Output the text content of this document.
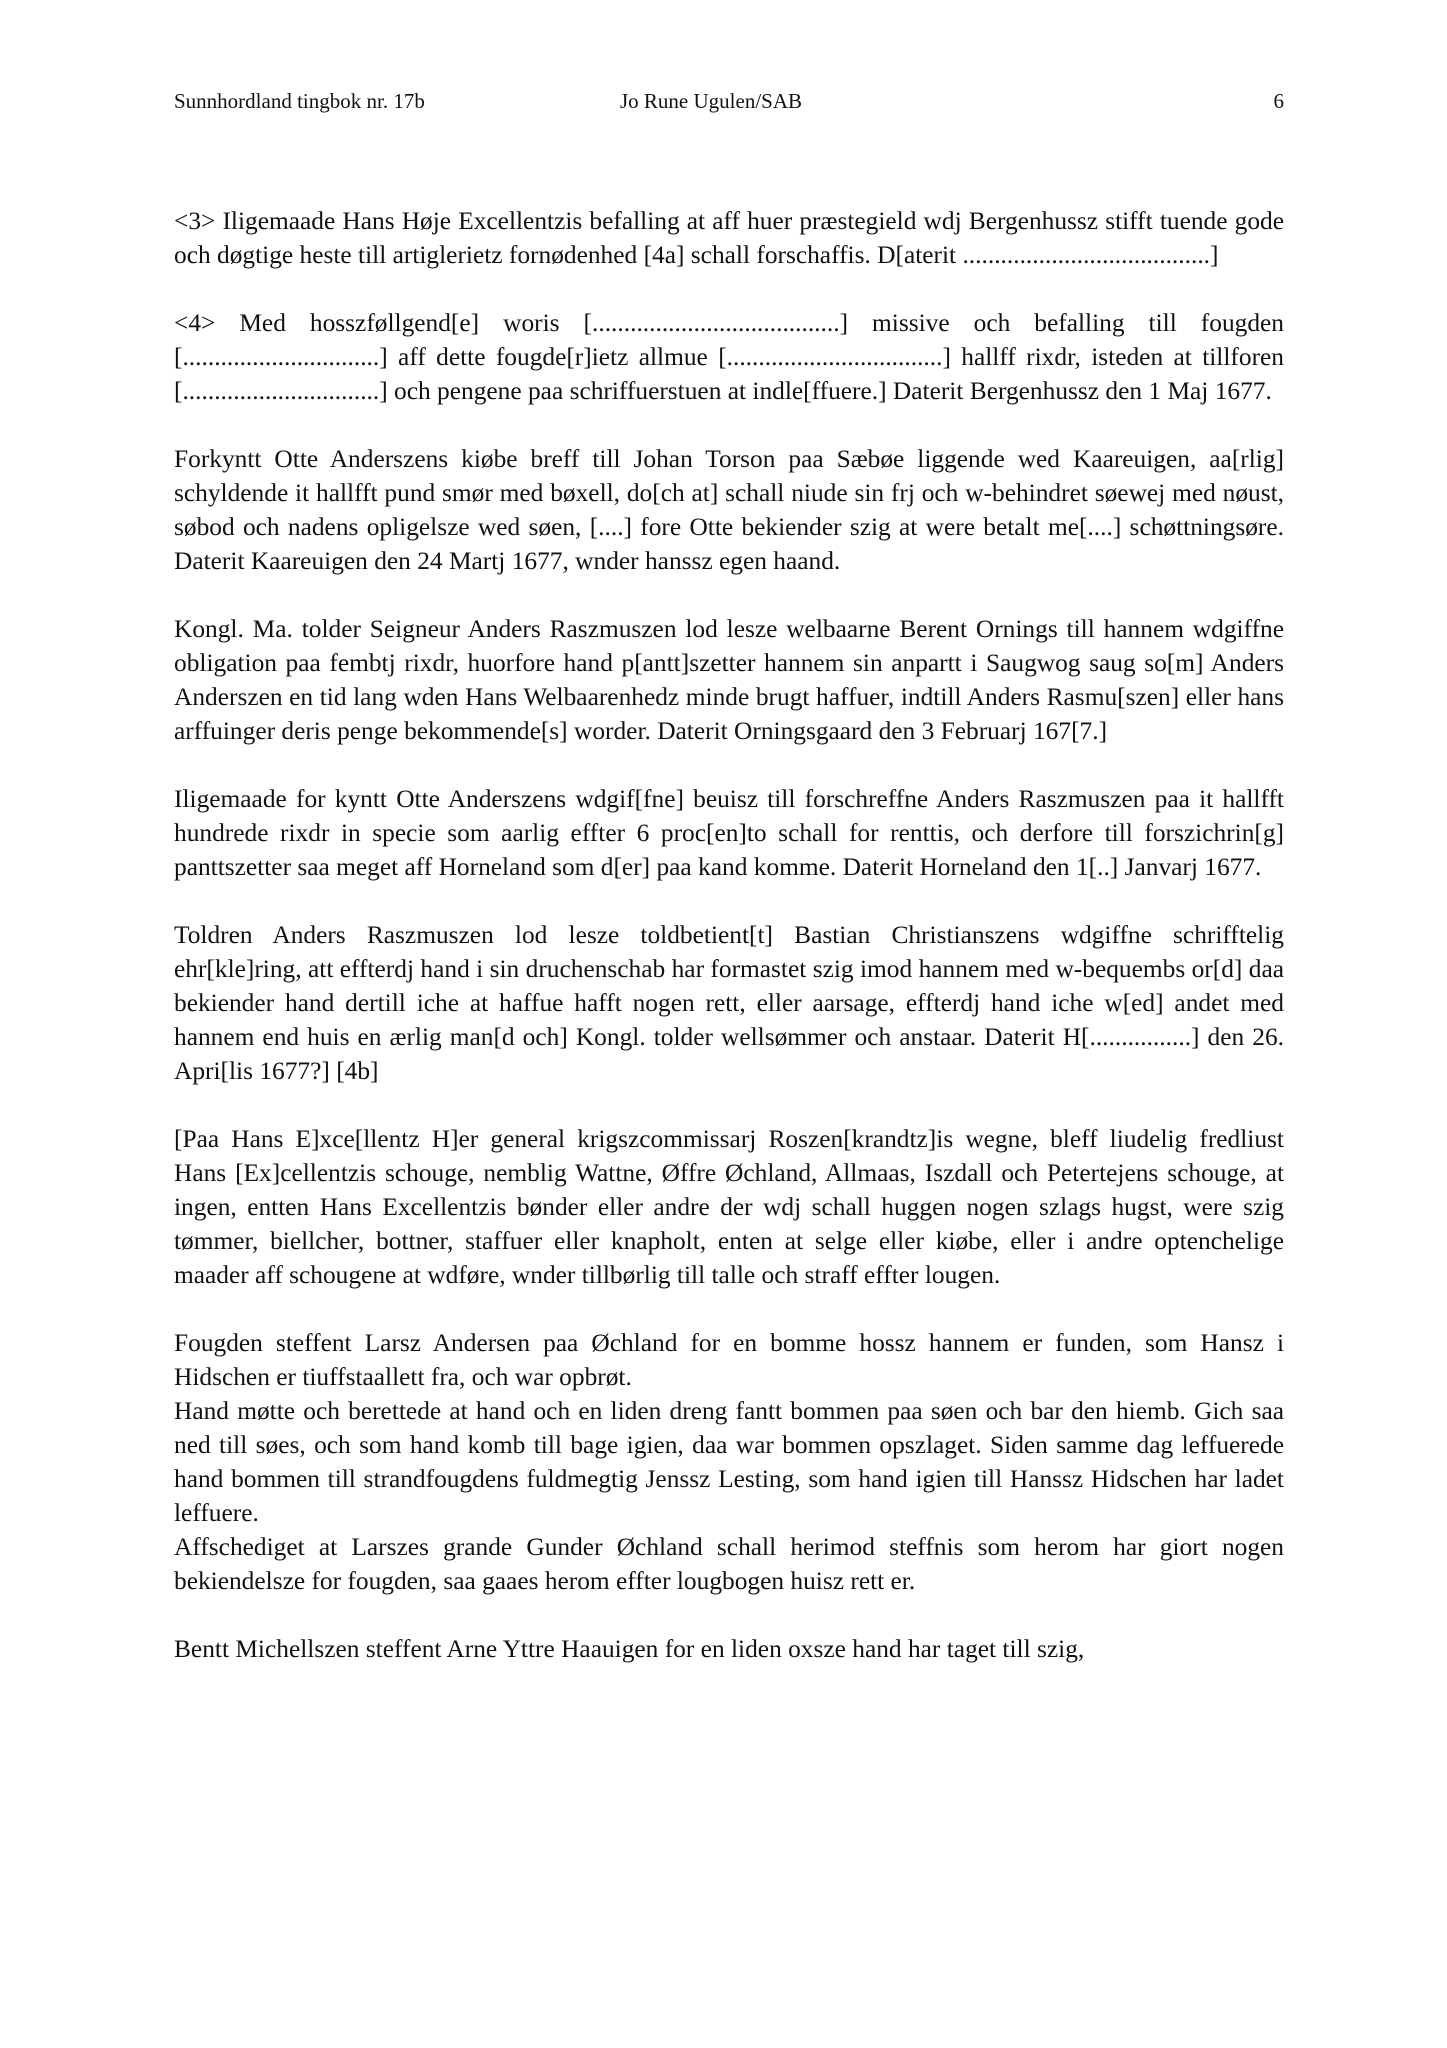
Sunnhordland tingbok nr. 17b	Jo Rune Ugulen/SAB	6

<3> Iligemaade Hans Høje Excellentzis befalling at aff huer præstegield wdj Bergenhussz stifft tuende gode och døgtige heste till artiglerietz fornødenhed [4a] schall forschaffis. D[aterit .......................................]

<4> Med hosszføllgend[e] woris [.......................................] missive och befalling till fougden [...............................] aff dette fougde[r]ietz allmue [..................................] hallff rixdr, isteden at tillforen [...............................] och pengene paa schriffuerstuen at indle[ffuere.] Daterit Bergenhussz den 1 Maj 1677.

Forkyntt Otte Anderszens kiøbe breff till Johan Torson paa Sæbøe liggende wed Kaareuigen, aa[rlig] schyldende it hallfft pund smør med bøxell, do[ch at] schall niude sin frj och w-behindret søewej med nøust, søbod och nadens opligelsze wed søen, [....] fore Otte bekiender szig at were betalt me[....] schøttningsøre. Daterit Kaareuigen den 24 Martj 1677, wnder hanssz egen haand.

Kongl. Ma. tolder Seigneur Anders Raszmuszen lod lesze welbaarne Berent Ornings till hannem wdgiffne obligation paa fembtj rixdr, huorfore hand p[antt]szetter hannem sin anpartt i Saugwog saug so[m] Anders Anderszen en tid lang wden Hans Welbaarenhedz minde brugt haffuer, indtill Anders Rasmu[szen] eller hans arffuinger deris penge bekommende[s] worder. Daterit Orningsgaard den 3 Februarj 167[7.]

Iligemaade for kyntt Otte Anderszens wdgif[fne] beuisz till forschreffne Anders Raszmuszen paa it hallfft hundrede rixdr in specie som aarlig effter 6 proc[en]to schall for renttis, och derfore till forszichrin[g] panttszetter saa meget aff Horneland som d[er] paa kand komme. Daterit Horneland den 1[..] Janvarj 1677.

Toldren Anders Raszmuszen lod lesze toldbetient[t] Bastian Christianszens wdgiffne schrifftelig ehr[kle]ring, att effterdj hand i sin druchenschab har formastet szig imod hannem med w-bequembs or[d] daa bekiender hand dertill iche at haffue hafft nogen rett, eller aarsage, effterdj hand iche w[ed] andet med hannem end huis en ærlig man[d och] Kongl. tolder wellsømmer och anstaar. Daterit H[................] den 26. Apri[lis 1677?] [4b]

[Paa Hans E]xce[llentz H]er general krigszcommissarj Roszen[krandtz]is wegne, bleff liudelig fredliust Hans [Ex]cellentzis schouge, nemblig Wattne, Øffre Øchland, Allmaas, Iszdall och Petertejens schouge, at ingen, entten Hans Excellentzis bønder eller andre der wdj schall huggen nogen szlags hugst, were szig tømmer, biellcher, bottner, staffuer eller knapholt, enten at selge eller kiøbe, eller i andre optenchelige maader aff schougene at wdføre, wnder tillbørlig till talle och straff effter lougen.

Fougden steffent Larsz Andersen paa Øchland for en bomme hossz hannem er funden, som Hansz i Hidschen er tiuffstaallett fra, och war opbrøt.
Hand møtte och berettede at hand och en liden dreng fantt bommen paa søen och bar den hiemb. Gich saa ned till søes, och som hand komb till bage igien, daa war bommen opszlaget. Siden samme dag leffuerede hand bommen till strandfougdens fuldmegtig Jenssz Lesting, som hand igien till Hanssz Hidschen har ladet leffuere.
Affschediget at Larszes grande Gunder Øchland schall herimod steffnis som herom har giort nogen bekiendelsze for fougden, saa gaaes herom effter lougbogen huisz rett er.

Bentt Michellszen steffent Arne Yttre Haauigen for en liden oxsze hand har taget till szig,
